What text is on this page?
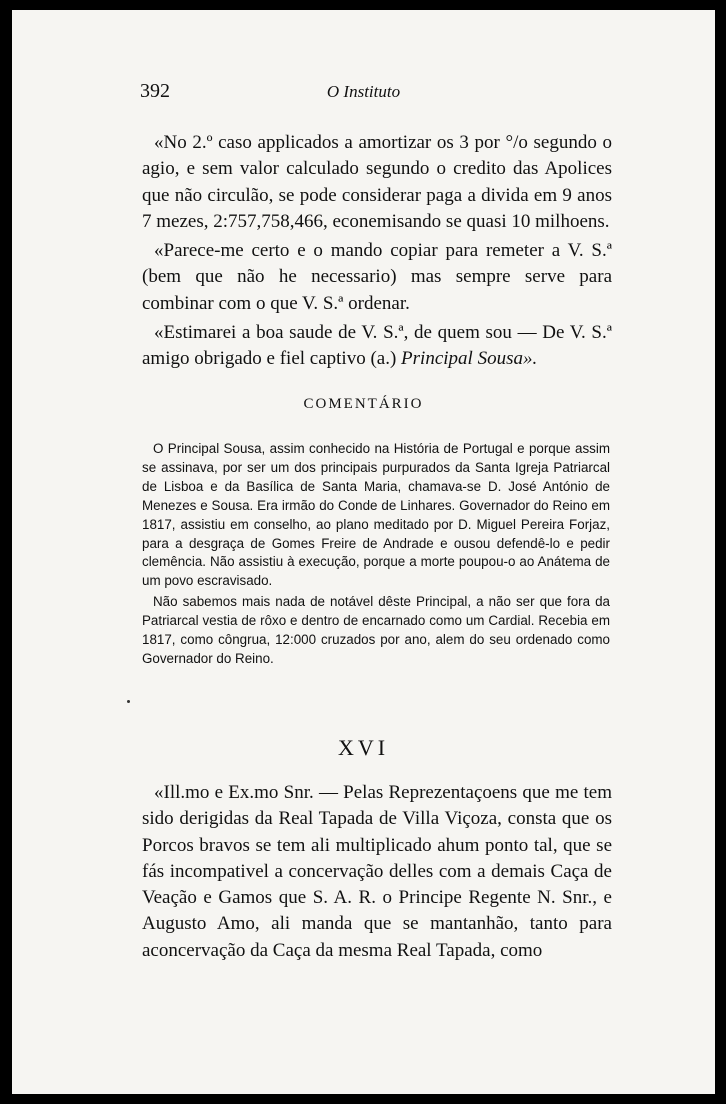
392	O Instituto

«No 2.º caso applicados a amortizar os 3 por °/o segundo o agio, e sem valor calculado segundo o credito das Apolices que não circulão, se pode considerar paga a divida em 9 anos 7 mezes, 2:757,758,466, econemisando se quasi 10 milhoens.

«Parece-me certo e o mando copiar para remeter a V. S.ª (bem que não he necessario) mas sempre serve para combinar com o que V. S.ª ordenar.

«Estimarei a boa saude de V. S.ª, de quem sou — De V. S.ª amigo obrigado e fiel captivo (a.) Principal Sousa».

COMENTÁRIO

O Principal Sousa, assim conhecido na História de Portugal e porque assim se assinava, por ser um dos principais purpurados da Santa Igreja Patriarcal de Lisboa e da Basílica de Santa Maria, chamava-se D. José António de Menezes e Sousa. Era irmão do Conde de Linhares. Governador do Reino em 1817, assistiu em conselho, ao plano meditado por D. Miguel Pereira Forjaz, para a desgraça de Gomes Freire de Andrade e ousou defendê-lo e pedir clemência. Não assistiu à execução, porque a morte poupou-o ao Anátema de um povo escravisado.

Não sabemos mais nada de notável dêste Principal, a não ser que fora da Patriarcal vestia de rôxo e dentro de encarnado como um Cardial. Recebia em 1817, como côngrua, 12:000 cruzados por ano, alem do seu ordenado como Governador do Reino.

XVI

«Ill.mo e Ex.mo Snr. — Pelas Reprezentaçoens que me tem sido derigidas da Real Tapada de Villa Viçoza, consta que os Porcos bravos se tem ali multiplicado ahum ponto tal, que se fás incompativel a concervação delles com a demais Caça de Veação e Gamos que S. A. R. o Principe Regente N. Snr., e Augusto Amo, ali manda que se mantanhão, tanto para aconcervação da Caça da mesma Real Tapada, como
